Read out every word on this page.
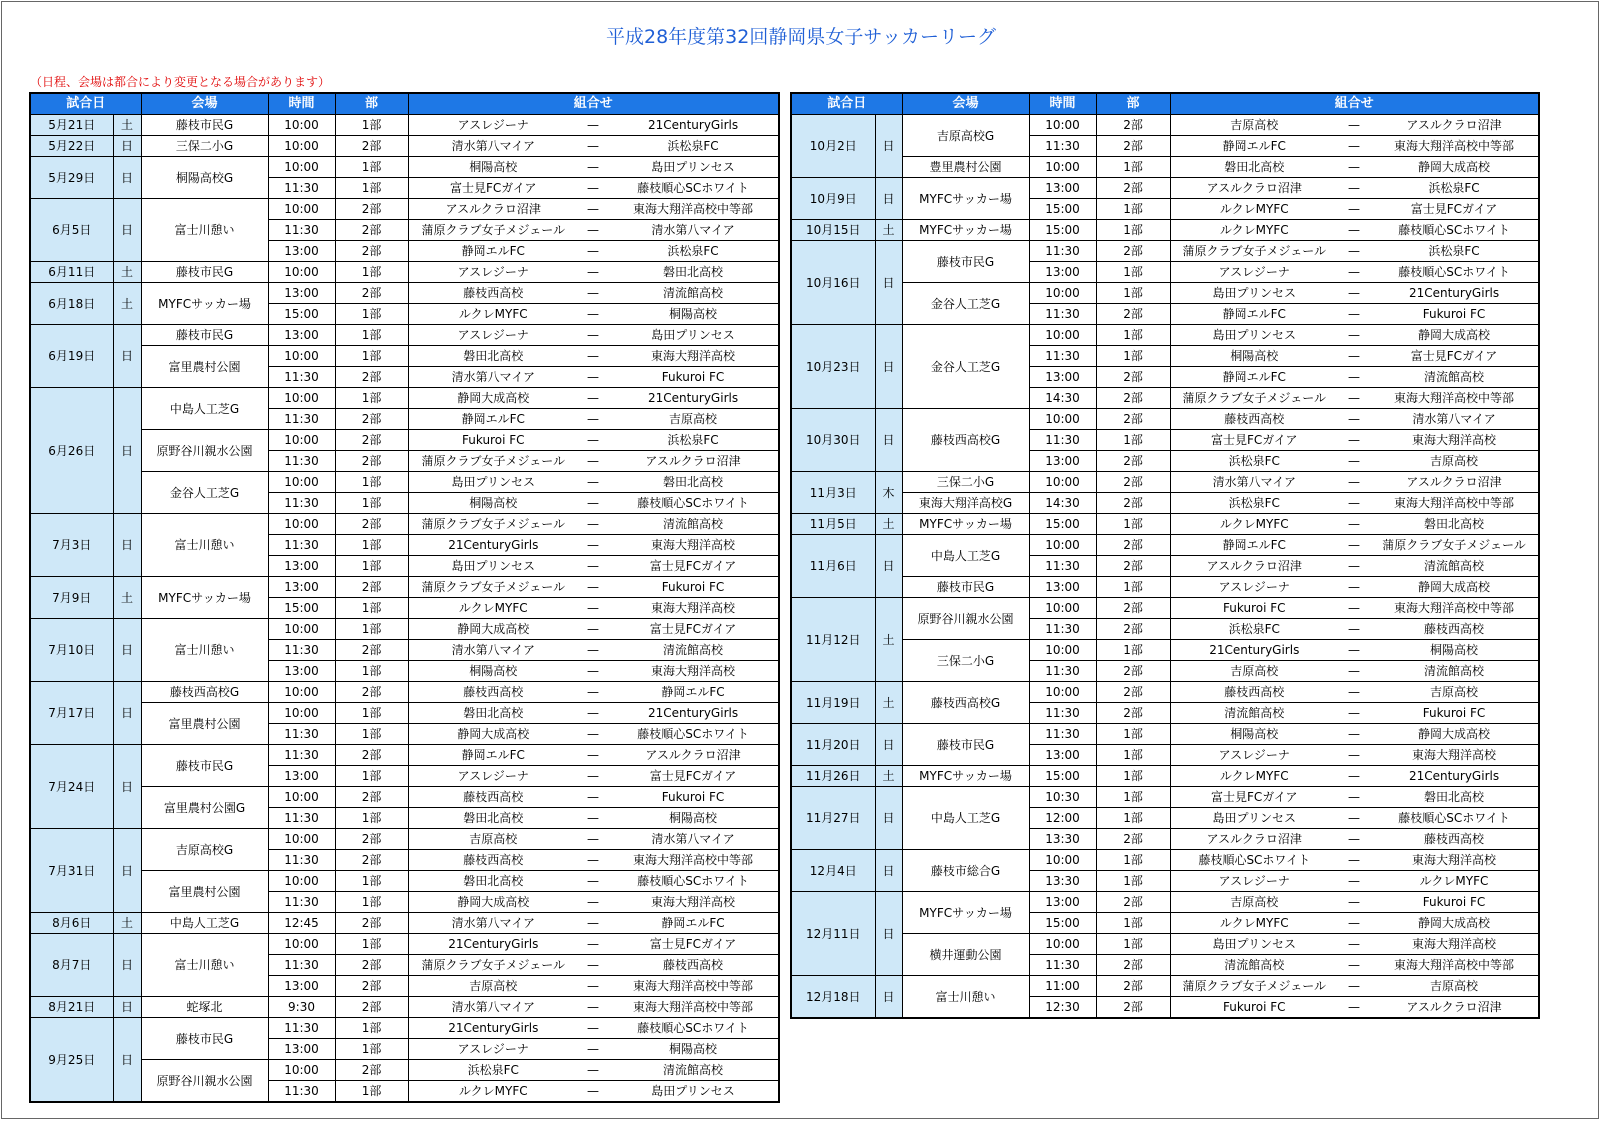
平成28年度第32回静岡県女子サッカーリーグ
（日程、会場は都合により変更となる場合があります）
試合日		会場	時間	部	組合せ		
5月21日	土	藤枝市民G	10:00	1部	アスレジーナ	—	21CenturyGirls
5月22日	日	三保二小G	10:00	2部	清水第八マイア	—	浜松泉FC
5月29日	日	桐陽高校G	10:00	1部	桐陽高校	—	島田プリンセス
			11:30	1部	富士見FCガイア	—	藤枝順心SCホワイト
6月5日	日	富士川憩い	10:00	2部	アスルクラロ沼津	—	東海大翔洋高校中等部
			11:30	2部	蒲原クラブ女子メジェール	—	清水第八マイア
			13:00	2部	静岡エルFC	—	浜松泉FC
6月11日	土	藤枝市民G	10:00	1部	アスレジーナ	—	磐田北高校
6月18日	土	MYFCサッカー場	13:00	2部	藤枝西高校	—	清流館高校
			15:00	1部	ルクレMYFC	—	桐陽高校
6月19日	日	藤枝市民G	13:00	1部	アスレジーナ	—	島田プリンセス
		富里農村公園	10:00	1部	磐田北高校	—	東海大翔洋高校
			11:30	2部	清水第八マイア	—	Fukuroi FC
6月26日	日	中島人工芝G	10:00	1部	静岡大成高校	—	21CenturyGirls
			11:30	2部	静岡エルFC	—	吉原高校
		原野谷川親水公園	10:00	2部	Fukuroi FC	—	浜松泉FC
			11:30	2部	蒲原クラブ女子メジェール	—	アスルクラロ沼津
		金谷人工芝G	10:00	1部	島田プリンセス	—	磐田北高校
			11:30	1部	桐陽高校	—	藤枝順心SCホワイト
7月3日	日	富士川憩い	10:00	2部	蒲原クラブ女子メジェール	—	清流館高校
			11:30	1部	21CenturyGirls	—	東海大翔洋高校
			13:00	1部	島田プリンセス	—	富士見FCガイア
7月9日	土	MYFCサッカー場	13:00	2部	蒲原クラブ女子メジェール	—	Fukuroi FC
			15:00	1部	ルクレMYFC	—	東海大翔洋高校
7月10日	日	富士川憩い	10:00	1部	静岡大成高校	—	富士見FCガイア
			11:30	2部	清水第八マイア	—	清流館高校
			13:00	1部	桐陽高校	—	東海大翔洋高校
7月17日	日	藤枝西高校G	10:00	2部	藤枝西高校	—	静岡エルFC
		富里農村公園	10:00	1部	磐田北高校	—	21CenturyGirls
			11:30	1部	静岡大成高校	—	藤枝順心SCホワイト
7月24日	日	藤枝市民G	11:30	2部	静岡エルFC	—	アスルクラロ沼津
			13:00	1部	アスレジーナ	—	富士見FCガイア
		富里農村公園G	10:00	2部	藤枝西高校	—	Fukuroi FC
			11:30	1部	磐田北高校	—	桐陽高校
7月31日	日	吉原高校G	10:00	2部	吉原高校	—	清水第八マイア
			11:30	2部	藤枝西高校	—	東海大翔洋高校中等部
		富里農村公園	10:00	1部	磐田北高校	—	藤枝順心SCホワイト
			11:30	1部	静岡大成高校	—	東海大翔洋高校
8月6日	土	中島人工芝G	12:45	2部	清水第八マイア	—	静岡エルFC
8月7日	日	富士川憩い	10:00	1部	21CenturyGirls	—	富士見FCガイア
			11:30	2部	蒲原クラブ女子メジェール	—	藤枝西高校
			13:00	2部	吉原高校	—	東海大翔洋高校中等部
8月21日	日	蛇塚北	9:30	2部	清水第八マイア	—	東海大翔洋高校中等部
9月25日	日	藤枝市民G	11:30	1部	21CenturyGirls	—	藤枝順心SCホワイト
			13:00	1部	アスレジーナ	—	桐陽高校
		原野谷川親水公園	10:00	2部	浜松泉FC	—	清流館高校
			11:30	1部	ルクレMYFC	—	島田プリンセス
試合日		会場	時間	部	組合せ		
10月2日	日	吉原高校G	10:00	2部	吉原高校	—	アスルクラロ沼津
			11:30	2部	静岡エルFC	—	東海大翔洋高校中等部
		豊里農村公園	10:00	1部	磐田北高校	—	静岡大成高校
10月9日	日	MYFCサッカー場	13:00	2部	アスルクラロ沼津	—	浜松泉FC
			15:00	1部	ルクレMYFC	—	富士見FCガイア
10月15日	土	MYFCサッカー場	15:00	1部	ルクレMYFC	—	藤枝順心SCホワイト
10月16日	日	藤枝市民G	11:30	2部	蒲原クラブ女子メジェール	—	浜松泉FC
			13:00	1部	アスレジーナ	—	藤枝順心SCホワイト
		金谷人工芝G	10:00	1部	島田プリンセス	—	21CenturyGirls
			11:30	2部	静岡エルFC	—	Fukuroi FC
10月23日	日	金谷人工芝G	10:00	1部	島田プリンセス	—	静岡大成高校
			11:30	1部	桐陽高校	—	富士見FCガイア
			13:00	2部	静岡エルFC	—	清流館高校
			14:30	2部	蒲原クラブ女子メジェール	—	東海大翔洋高校中等部
10月30日	日	藤枝西高校G	10:00	2部	藤枝西高校	—	清水第八マイア
			11:30	1部	富士見FCガイア	—	東海大翔洋高校
			13:00	2部	浜松泉FC	—	吉原高校
11月3日	木	三保二小G	10:00	2部	清水第八マイア	—	アスルクラロ沼津
		東海大翔洋高校G	14:30	2部	浜松泉FC	—	東海大翔洋高校中等部
11月5日	土	MYFCサッカー場	15:00	1部	ルクレMYFC	—	磐田北高校
11月6日	日	中島人工芝G	10:00	2部	静岡エルFC	—	蒲原クラブ女子メジェール
			11:30	2部	アスルクラロ沼津	—	清流館高校
		藤枝市民G	13:00	1部	アスレジーナ	—	静岡大成高校
11月12日	土	原野谷川親水公園	10:00	2部	Fukuroi FC	—	東海大翔洋高校中等部
			11:30	2部	浜松泉FC	—	藤枝西高校
		三保二小G	10:00	1部	21CenturyGirls	—	桐陽高校
			11:30	2部	吉原高校	—	清流館高校
11月19日	土	藤枝西高校G	10:00	2部	藤枝西高校	—	吉原高校
			11:30	2部	清流館高校	—	Fukuroi FC
11月20日	日	藤枝市民G	11:30	1部	桐陽高校	—	静岡大成高校
			13:00	1部	アスレジーナ	—	東海大翔洋高校
11月26日	土	MYFCサッカー場	15:00	1部	ルクレMYFC	—	21CenturyGirls
11月27日	日	中島人工芝G	10:30	1部	富士見FCガイア	—	磐田北高校
			12:00	1部	島田プリンセス	—	藤枝順心SCホワイト
			13:30	2部	アスルクラロ沼津	—	藤枝西高校
12月4日	日	藤枝市総合G	10:00	1部	藤枝順心SCホワイト	—	東海大翔洋高校
			13:30	1部	アスレジーナ	—	ルクレMYFC
12月11日	日	MYFCサッカー場	13:00	2部	吉原高校	—	Fukuroi FC
			15:00	1部	ルクレMYFC	—	静岡大成高校
		横井運動公園	10:00	1部	島田プリンセス	—	東海大翔洋高校
			11:30	2部	清流館高校	—	東海大翔洋高校中等部
12月18日	日	富士川憩い	11:00	2部	蒲原クラブ女子メジェール	—	吉原高校
			12:30	2部	Fukuroi FC	—	アスルクラロ沼津
